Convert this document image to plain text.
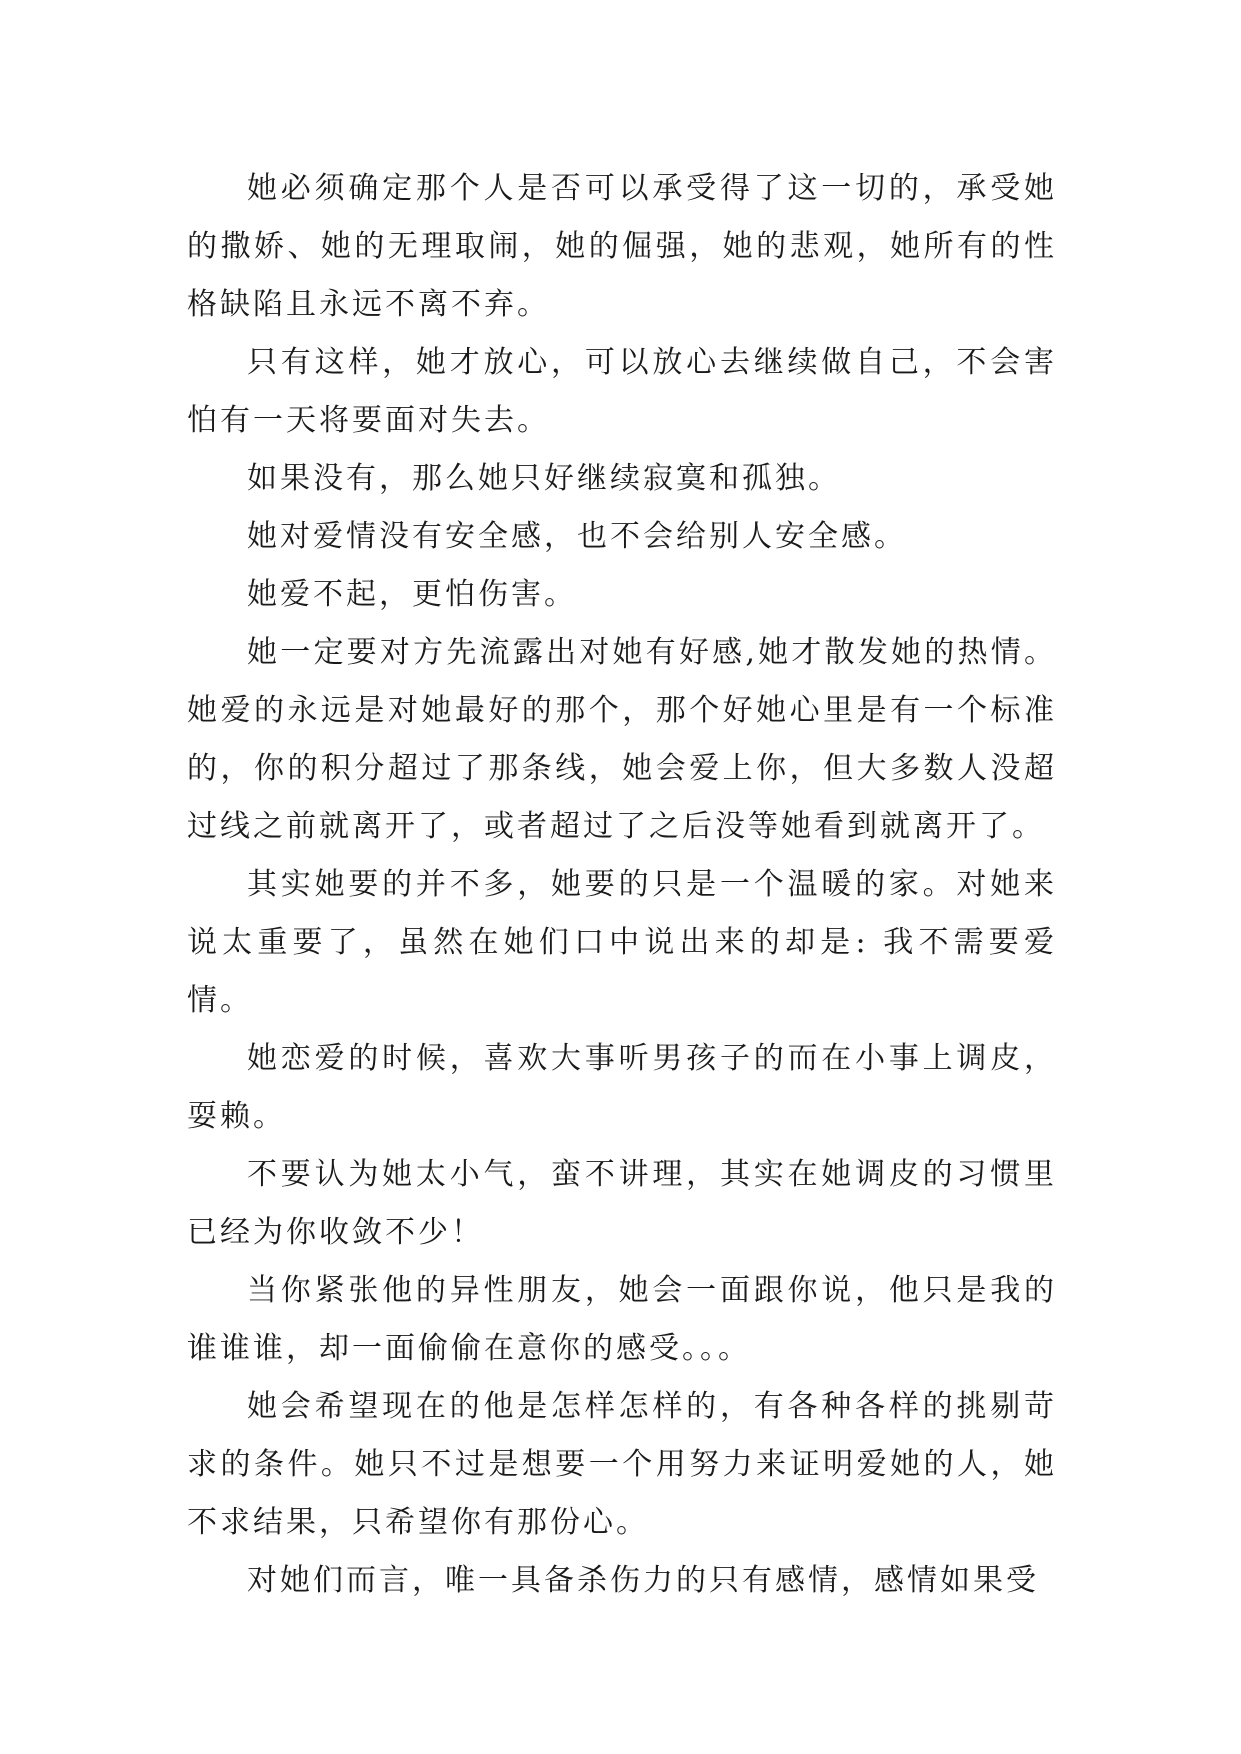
她必须确定那个人是否可以承受得了这一切的，承受她的撒娇、她的无理取闹，她的倔强，她的悲观，她所有的性格缺陷且永远不离不弃。

只有这样，她才放心，可以放心去继续做自己，不会害怕有一天将要面对失去。

如果没有，那么她只好继续寂寞和孤独。

她对爱情没有安全感，也不会给别人安全感。

她爱不起，更怕伤害。

她一定要对方先流露出对她有好感,她才散发她的热情。她爱的永远是对她最好的那个，那个好她心里是有一个标准的，你的积分超过了那条线，她会爱上你，但大多数人没超过线之前就离开了，或者超过了之后没等她看到就离开了。

其实她要的并不多，她要的只是一个温暖的家。对她来说太重要了，虽然在她们口中说出来的却是: 我不需要爱情。

她恋爱的时候，喜欢大事听男孩子的而在小事上调皮，耍赖。

不要认为她太小气，蛮不讲理，其实在她调皮的习惯里已经为你收敛不少！

当你紧张他的异性朋友，她会一面跟你说，他只是我的谁谁谁，却一面偷偷在意你的感受。。。

她会希望现在的他是怎样怎样的，有各种各样的挑剔苛求的条件。她只不过是想要一个用努力来证明爱她的人，她不求结果，只希望你有那份心。

对她们而言，唯一具备杀伤力的只有感情，感情如果受
